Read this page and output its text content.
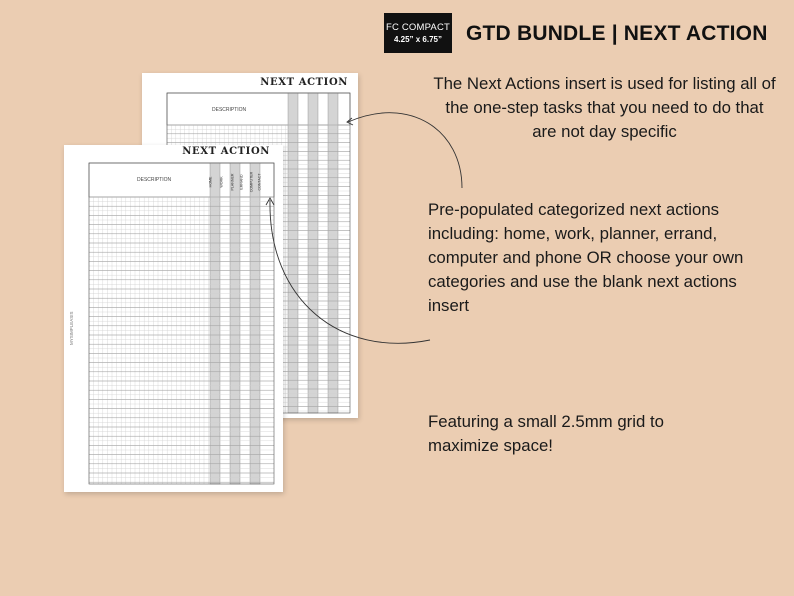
FC COMPACT
4.25” x 6.75” GTD BUNDLE | NEXT ACTION
The Next Actions insert is used for listing all of the one-step tasks that you need to do that are not day specific
Pre-populated categorized next actions including: home, work, planner, errand, computer and phone OR choose your own categories and use the blank next actions insert
Featuring a small 2.5mm grid to maximize space!
NEXT ACTION
DESCRIPTION
NEXT ACTION
DESCRIPTION
MYSIMPLEASIS
HOME WORK PLANNER ERRAND COMPUTER CONTACT
